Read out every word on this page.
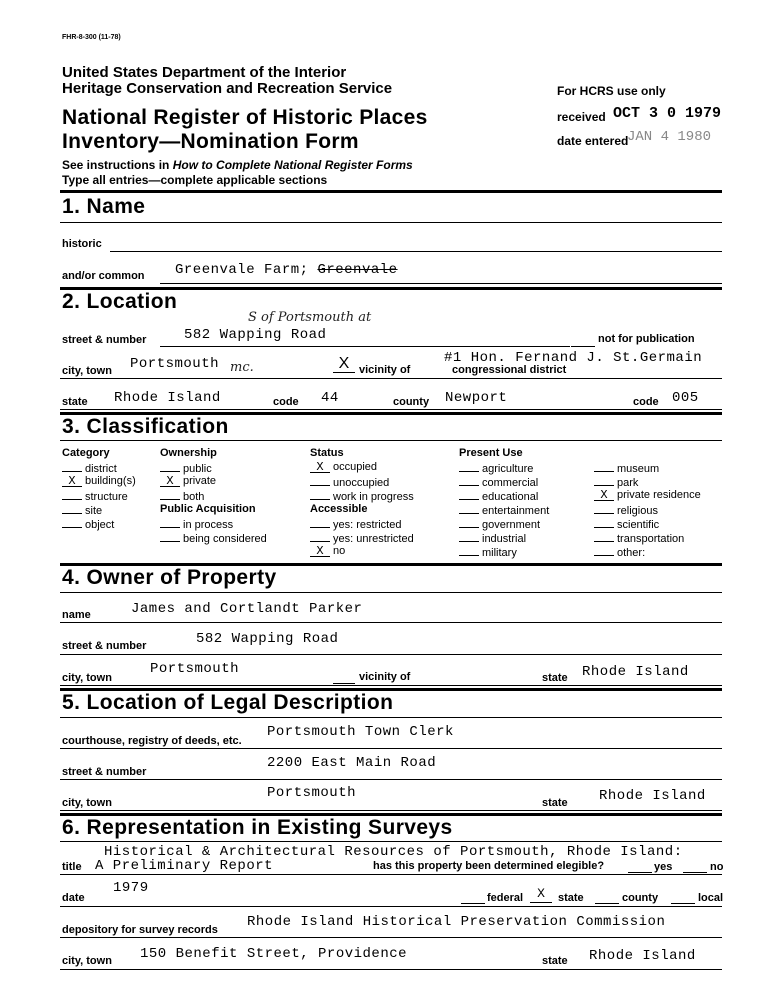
FHR-8-300 (11-78)
United States Department of the Interior
Heritage Conservation and Recreation Service
National Register of Historic Places
Inventory—Nomination Form
See instructions in How to Complete National Register Forms
Type all entries—complete applicable sections
For HCRS use only
received OCT 3 0 1979
date entered
JAN 4 1980
1. Name
historic
and/or common Greenvale Farm; Greenvale
2. Location
S of Portsmouth at
street & number	582 Wapping Road	not for publication
city, town Portsmouth mc.	X vicinity of
#1 Hon. Fernand J. St.Germain
congressional district
state Rhode Island	code 44	county Newport	code 005
3. Classification
Category	Ownership	Status	Present Use
district
X building(s)
structure
site
object
public
X private
both
Public Acquisition
in process
being considered
X occupied
unoccupied
work in progress
Accessible
yes: restricted
yes: unrestricted
X no
agriculture
commercial
educational
entertainment
government
industrial
military
museum
park
X private residence
religious
scientific
transportation
other:
4. Owner of Property
name	James and Cortlandt Parker
street & number	582 Wapping Road
city, town
Portsmouth	vicinity of	state Rhode Island
5. Location of Legal Description
courthouse, registry of deeds, etc.
Portsmouth Town Clerk
street & number
2200 East Main Road
city, town
Portsmouth
state Rhode Island
6. Representation in Existing Surveys
Historical & Architectural Resources of Portsmouth, Rhode Island:
title A Preliminary Report	has this property been determined elegible?	yes	no
date
1979
federal	X	state	county	local
depository for survey records Rhode Island Historical Preservation Commission
city, town 150 Benefit Street, Providence	state Rhode Island
